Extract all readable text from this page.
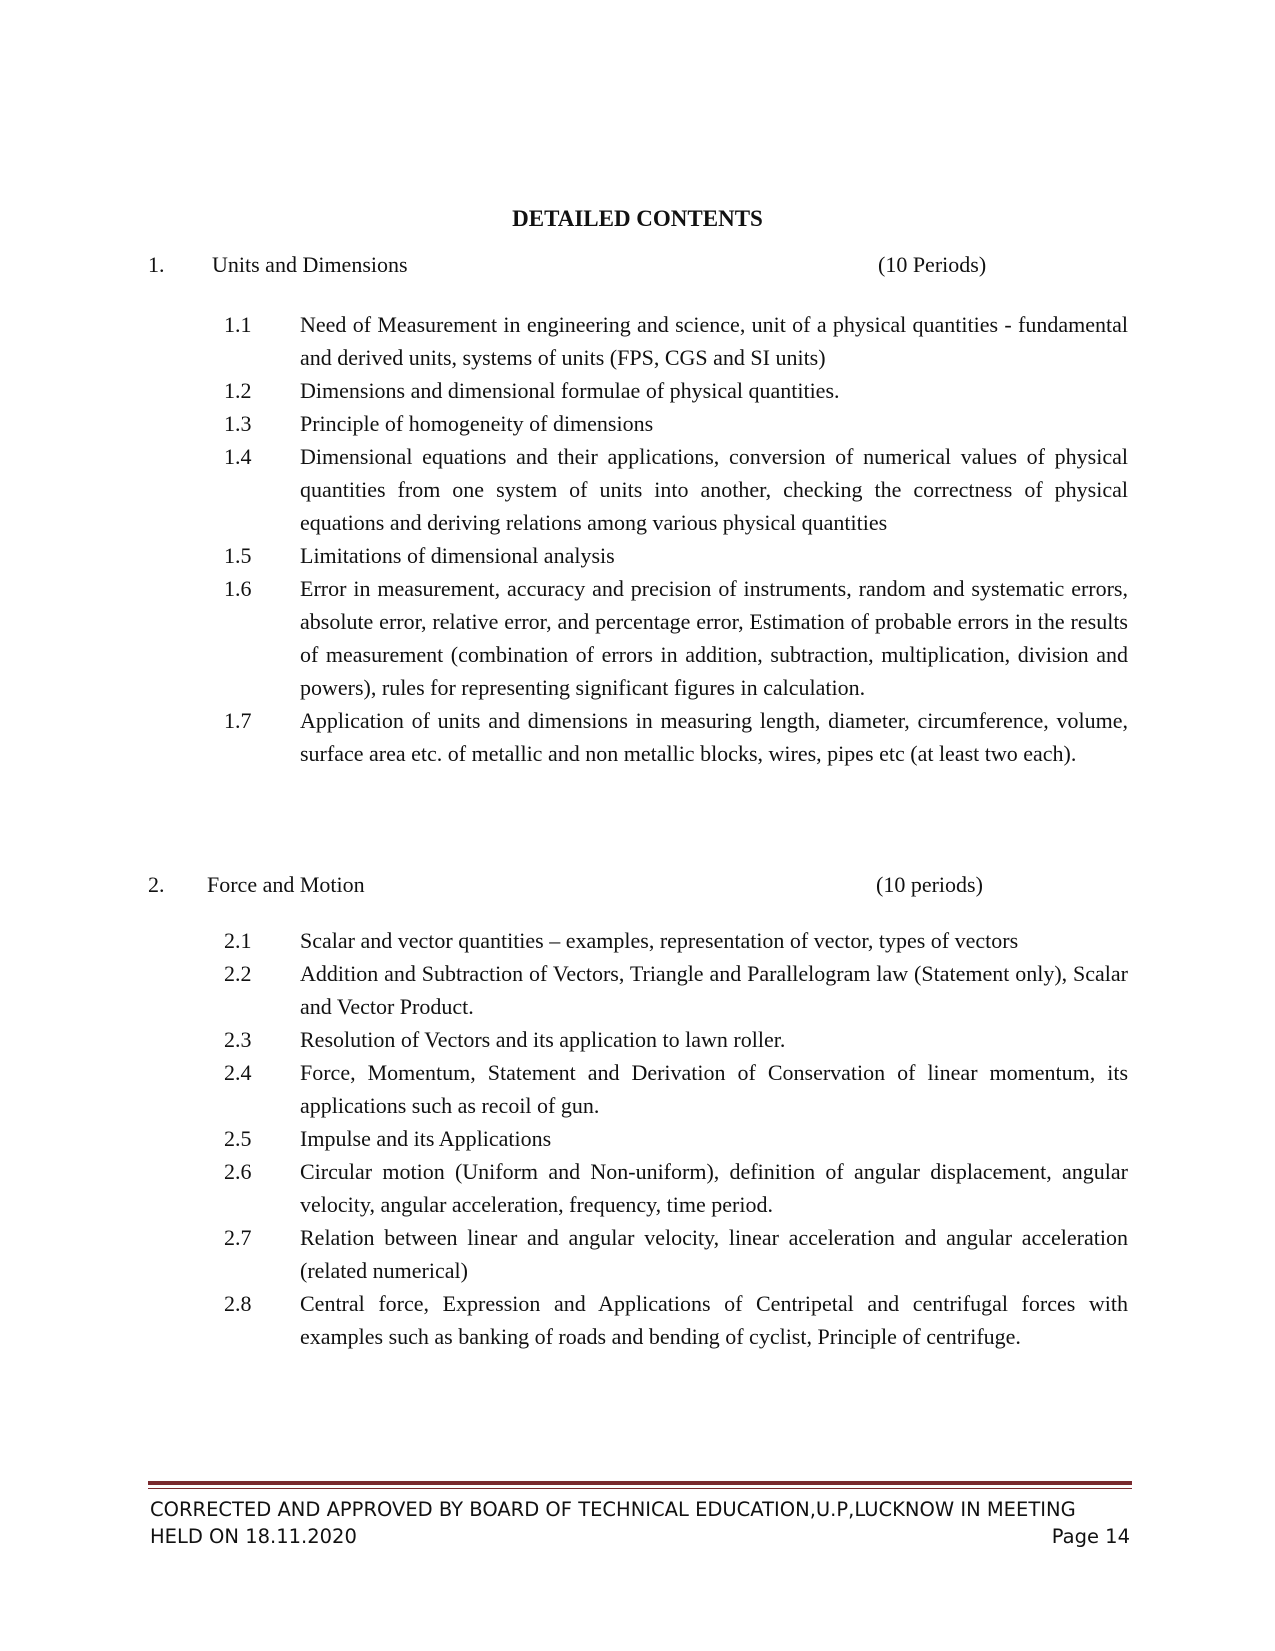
DETAILED CONTENTS
1. Units and Dimensions	(10 Periods)
1.1	Need of Measurement in engineering and science, unit of a physical quantities - fundamental and derived units, systems of units (FPS, CGS and SI units)
1.2	Dimensions and dimensional formulae of physical quantities.
1.3	Principle of homogeneity of dimensions
1.4	Dimensional equations and their applications, conversion of numerical values of physical quantities from one system of units into another, checking the correctness of physical equations and deriving relations among various physical quantities
1.5	Limitations of dimensional analysis
1.6	Error in measurement, accuracy and precision of instruments, random and systematic errors, absolute error, relative error, and percentage error, Estimation of probable errors in the results of measurement (combination of errors in addition, subtraction, multiplication, division and powers), rules for representing significant figures in calculation.
1.7	Application of units and dimensions in measuring length, diameter, circumference, volume, surface area etc. of metallic and non metallic blocks, wires, pipes etc (at least two each).
2. Force and Motion	(10 periods)
2.1	Scalar and vector quantities – examples, representation of vector, types of vectors
2.2	Addition and Subtraction of Vectors, Triangle and Parallelogram law (Statement only), Scalar and Vector Product.
2.3	Resolution of Vectors and its application to lawn roller.
2.4	Force, Momentum, Statement and Derivation of Conservation of linear momentum, its applications such as recoil of gun.
2.5	Impulse and its Applications
2.6	Circular motion (Uniform and Non-uniform), definition of angular displacement, angular velocity, angular acceleration, frequency, time period.
2.7	Relation between linear and angular velocity, linear acceleration and angular acceleration (related numerical)
2.8	Central force, Expression and Applications of Centripetal and centrifugal forces with examples such as banking of roads and bending of cyclist, Principle of centrifuge.
CORRECTED AND APPROVED BY BOARD OF TECHNICAL EDUCATION,U.P,LUCKNOW IN MEETING
HELD ON 18.11.2020	Page 14
